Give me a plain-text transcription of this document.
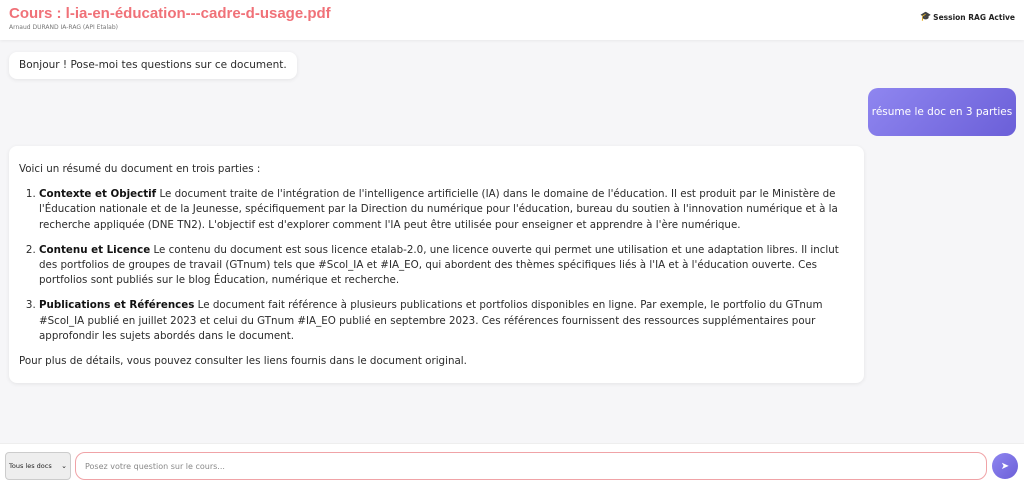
Cours : l-ia-en-éducation---cadre-d-usage.pdf
Arnaud DURAND IA-RAG (API Etalab)
🎓 Session RAG Active
Bonjour ! Pose-moi tes questions sur ce document.
résume le doc en 3 parties

Voici un résumé du document en trois parties :

1. Contexte et Objectif Le document traite de l'intégration de l'intelligence artificielle (IA) dans le domaine de l'éducation. Il est produit par le Ministère de l'Éducation nationale et de la Jeunesse, spécifiquement par la Direction du numérique pour l'éducation, bureau du soutien à l'innovation numérique et à la recherche appliquée (DNE TN2). L'objectif est d'explorer comment l'IA peut être utilisée pour enseigner et apprendre à l'ère numérique.
2. Contenu et Licence Le contenu du document est sous licence etalab-2.0, une licence ouverte qui permet une utilisation et une adaptation libres. Il inclut des portfolios de groupes de travail (GTnum) tels que #Scol_IA et #IA_EO, qui abordent des thèmes spécifiques liés à l'IA et à l'éducation ouverte. Ces portfolios sont publiés sur le blog Éducation, numérique et recherche.
3. Publications et Références Le document fait référence à plusieurs publications et portfolios disponibles en ligne. Par exemple, le portfolio du GTnum #Scol_IA publié en juillet 2023 et celui du GTnum #IA_EO publié en septembre 2023. Ces références fournissent des ressources supplémentaires pour approfondir les sujets abordés dans le document.

Pour plus de détails, vous pouvez consulter les liens fournis dans le document original.

Tous les docs ⌄ Posez votre question sur le cours...	➤
